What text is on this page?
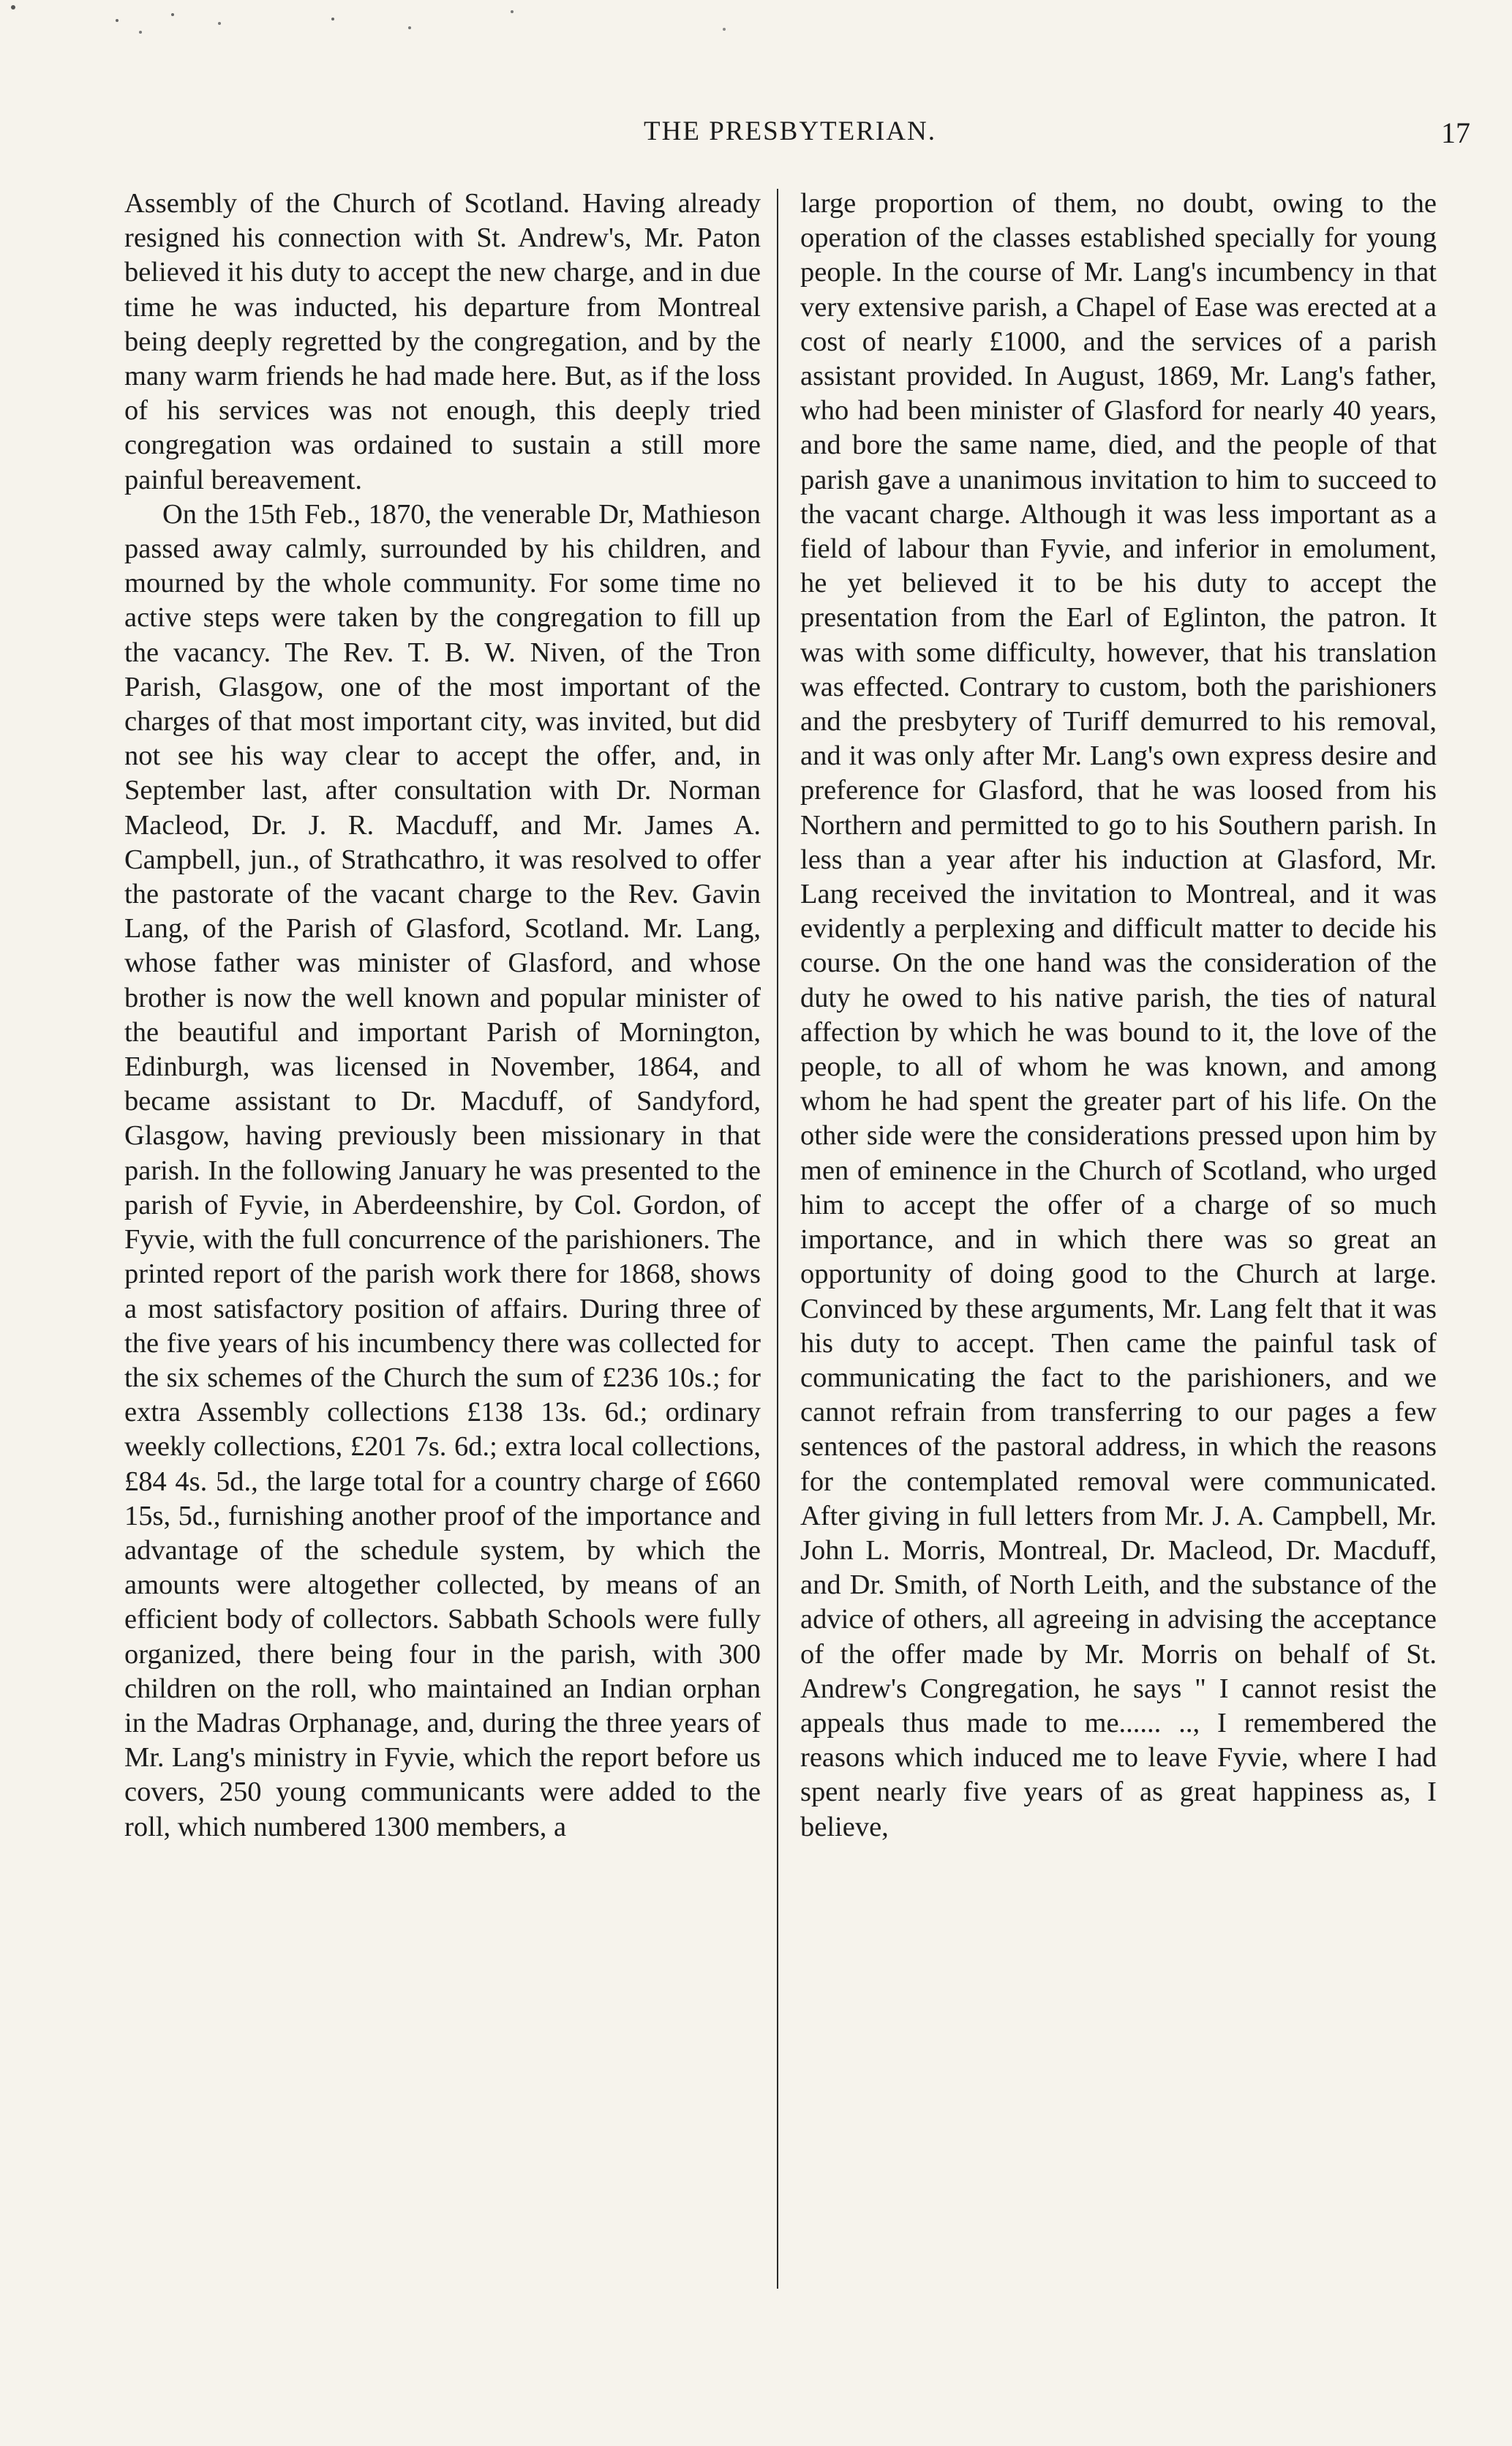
THE PRESBYTERIAN.	17

Assembly of the Church of Scotland. Having already resigned his connection with St. Andrew's, Mr. Paton believed it his duty to accept the new charge, and in due time he was inducted, his departure from Montreal being deeply regretted by the congregation, and by the many warm friends he had made here. But, as if the loss of his services was not enough, this deeply tried congregation was ordained to sustain a still more painful bereavement.

On the 15th Feb., 1870, the venerable Dr, Mathieson passed away calmly, surrounded by his children, and mourned by the whole community. For some time no active steps were taken by the congregation to fill up the vacancy. The Rev. T. B. W. Niven, of the Tron Parish, Glasgow, one of the most important of the charges of that most important city, was invited, but did not see his way clear to accept the offer, and, in September last, after consultation with Dr. Norman Macleod, Dr. J. R. Macduff, and Mr. James A. Campbell, jun., of Strathcathro, it was resolved to offer the pastorate of the vacant charge to the Rev. Gavin Lang, of the Parish of Glasford, Scotland. Mr. Lang, whose father was minister of Glasford, and whose brother is now the well known and popular minister of the beautiful and important Parish of Mornington, Edinburgh, was licensed in November, 1864, and became assistant to Dr. Macduff, of Sandyford, Glasgow, having previously been missionary in that parish. In the following January he was presented to the parish of Fyvie, in Aberdeenshire, by Col. Gordon, of Fyvie, with the full concurrence of the parishioners. The printed report of the parish work there for 1868, shows a most satisfactory position of affairs. During three of the five years of his incumbency there was collected for the six schemes of the Church the sum of £236 10s.; for extra Assembly collections £138 13s. 6d.; ordinary weekly collections, £201 7s. 6d.; extra local collections, £84 4s. 5d., the large total for a country charge of £660 15s, 5d., furnishing another proof of the importance and advantage of the schedule system, by which the amounts were altogether collected, by means of an efficient body of collectors. Sabbath Schools were fully organized, there being four in the parish, with 300 children on the roll, who maintained an Indian orphan in the Madras Orphanage, and, during the three years of Mr. Lang's ministry in Fyvie, which the report before us covers, 250 young communicants were added to the roll, which numbered 1300 members, a

large proportion of them, no doubt, owing to the operation of the classes established specially for young people. In the course of Mr. Lang's incumbency in that very extensive parish, a Chapel of Ease was erected at a cost of nearly £1000, and the services of a parish assistant provided. In August, 1869, Mr. Lang's father, who had been minister of Glasford for nearly 40 years, and bore the same name, died, and the people of that parish gave a unanimous invitation to him to succeed to the vacant charge. Although it was less important as a field of labour than Fyvie, and inferior in emolument, he yet believed it to be his duty to accept the presentation from the Earl of Eglinton, the patron. It was with some difficulty, however, that his translation was effected. Contrary to custom, both the parishioners and the presbytery of Turiff demurred to his removal, and it was only after Mr. Lang's own express desire and preference for Glasford, that he was loosed from his Northern and permitted to go to his Southern parish. In less than a year after his induction at Glasford, Mr. Lang received the invitation to Montreal, and it was evidently a perplexing and difficult matter to decide his course. On the one hand was the consideration of the duty he owed to his native parish, the ties of natural affection by which he was bound to it, the love of the people, to all of whom he was known, and among whom he had spent the greater part of his life. On the other side were the considerations pressed upon him by men of eminence in the Church of Scotland, who urged him to accept the offer of a charge of so much importance, and in which there was so great an opportunity of doing good to the Church at large. Convinced by these arguments, Mr. Lang felt that it was his duty to accept. Then came the painful task of communicating the fact to the parishioners, and we cannot refrain from transferring to our pages a few sentences of the pastoral address, in which the reasons for the contemplated removal were communicated. After giving in full letters from Mr. J. A. Campbell, Mr. John L. Morris, Montreal, Dr. Macleod, Dr. Macduff, and Dr. Smith, of North Leith, and the substance of the advice of others, all agreeing in advising the acceptance of the offer made by Mr. Morris on behalf of St. Andrew's Congregation, he says " I cannot resist the appeals thus made to me...... .., I remembered the reasons which induced me to leave Fyvie, where I had spent nearly five years of as great happiness as, I believe,
